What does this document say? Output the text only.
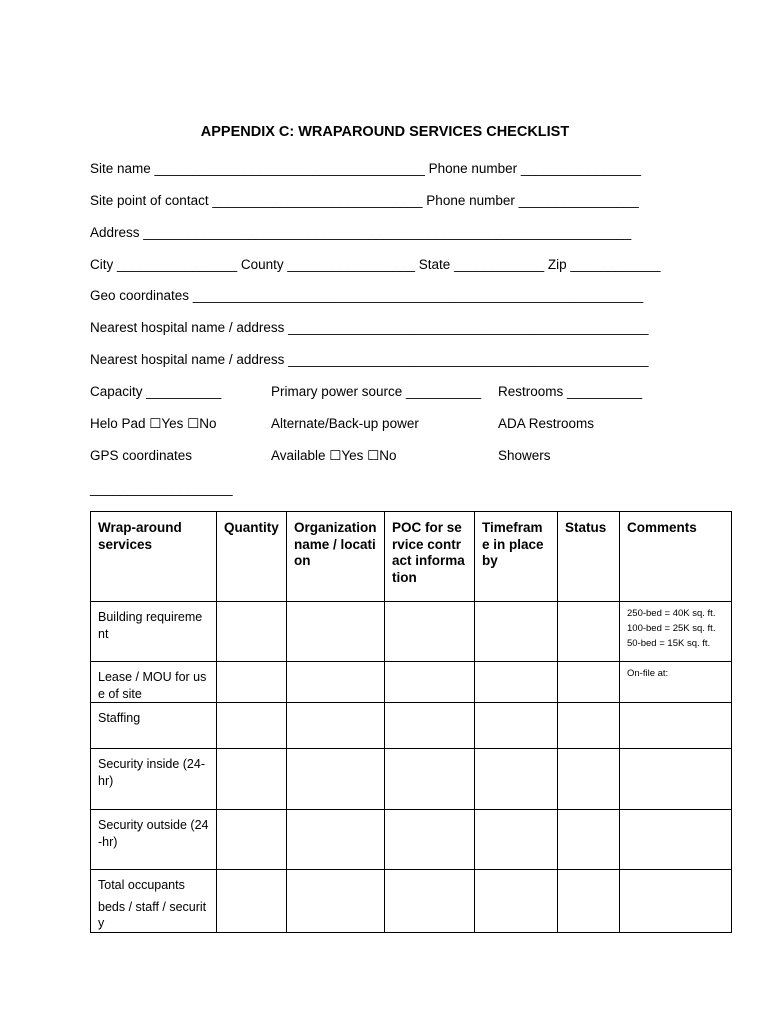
APPENDIX C: WRAPAROUND SERVICES CHECKLIST
Site name ____________________________________ Phone number ________________
Site point of contact ____________________________ Phone number ________________
Address _________________________________________________________________
City ________________ County _________________ State ____________ Zip ____________
Geo coordinates ____________________________________________________________
Nearest hospital name / address ________________________________________________
Nearest hospital name / address ________________________________________________
Capacity __________	Primary power source __________ Restrooms __________
Helo Pad ☐Yes ☐No	Alternate/Back-up power	ADA Restrooms
GPS coordinates	Available ☐Yes ☐No	Showers
___________________
Wrap-around services	Quantity	Organization name / location	POC for service contract information	Timeframe in place by	Status	Comments
Building requirement						250-bed = 40K sq. ft.
100-bed = 25K sq. ft.
50-bed = 15K sq. ft.

Lease / MOU for use of site						On-file at:

Staffing						
Security inside (24-hr)						
Security outside (24-hr)						

Total occupants
beds / staff / security						
